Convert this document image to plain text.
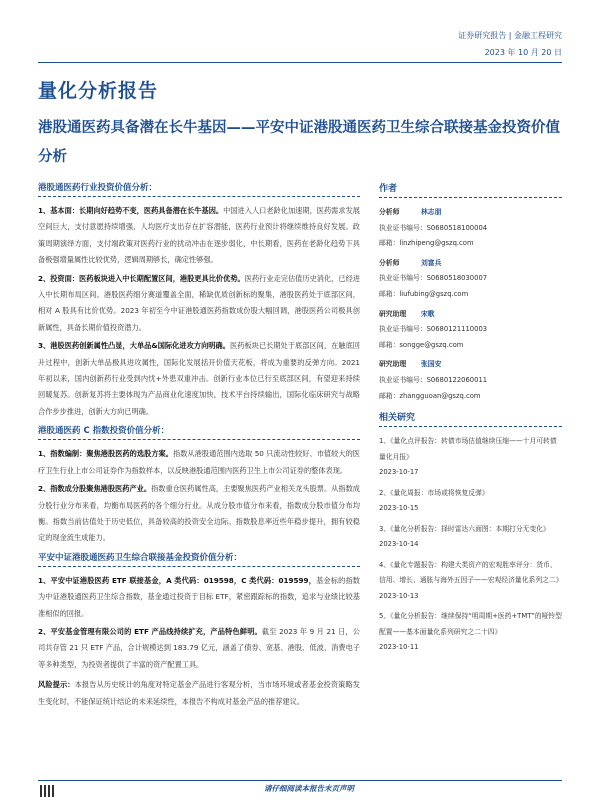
证券研究报告 | 金融工程研究
2023 年 10 月 20 日
量化分析报告
港股通医药具备潜在长牛基因——平安中证港股通医药卫生综合联接基金投资价值分析
港股通医药行业投资价值分析：
1、基本面：长期向好趋势不变，医药具备潜在长牛基因。中国进入人口老龄化加速期，医药需求发展空间巨大，支付意愿持续增强，人均医疗支出存在扩容潜能，医药行业预计将继续维持良好发展。政策周期演绎方面，支付端政策对医药行业的扰动冲击在逐步弱化，中长期看，医药在老龄化趋势下具备极强增量属性比较优势，逻辑周期够长，确定性够强。
2、投资面：医药板块进入中长期配置区间，港股更具比价优势。医药行业走完估值历史消化，已经进入中长期布局区间。港股医药细分赛道覆盖全面，稀缺优质创新标的聚集，港股医药处于底部区间，相对 A 股具有比价优势。2023 年初至今中证港股通医药指数成份股大幅回调，港股医药公司极具创新属性，具备长期价值投资潜力。
3、港股医药创新属性凸显，大单品&国际化进攻方向明确。医药板块已长期处于底部区间，在触底回升过程中，创新大单品极具进攻属性，国际化发展括开价值天花板，将成为重要的反弹方向。2021 年初以来，国内创新药行业受到内忧+外患双重冲击。创新行业本位已行至底部区间，有望迎来持续回暖复苏。创新复苏将主要体现为产品商业化速度加快，技术平台持续输出，国际化临床研究与战略合作步步推进，创新大方向已明确。
港股通医药 C 指数投资价值分析：
1、指数编制：聚焦港股医药的选股方案。指数从港股通范围内选取 50 只流动性较好、市值较大的医疗卫生行业上市公司证券作为指数样本，以反映港股通范围内医药卫生上市公司证券的整体表现。
2、指数成分股聚焦港股医药产业。指数重仓医药属性高，主要聚焦医药产业相关龙头股票。从指数成分股行业分布来看，均衡布局医药的各个细分行业。从成分股市值分布来看，指数成分股市值分布均衡。指数当前估值处于历史低位，具备较高的投资安全边际。指数股息率近些年稳步提升，拥有较稳定的现金流生成能力。
平安中证港股通医药卫生综合联接基金投资价值分析：
1、平安中证港股医药 ETF 联接基金，A 类代码：019598，C 类代码：019599，基金标的指数为中证港股通医药卫生综合指数，基金通过投资于目标 ETF，紧密跟踪标的指数，追求与业绩比较基准相似的回报。
2、平安基金管理有限公司的 ETF 产品线持续扩充，产品特色鲜明。截至 2023 年 9 月 21 日，公司共存管 21 只 ETF 产品，合计规模达到 183.79 亿元，涵盖了债券、宽基、港股、低波、消费电子等多种类型，为投资者提供了丰富的资产配置工具。
风险提示：本报告从历史统计的角度对特定基金产品进行客观分析，当市场环境或者基金投资策略发生变化时，不能保证统计结论的未来延续性，本报告不构成对基金产品的推荐建议。
作者
分析师	林志朋
执业证书编号：S0680518100004
邮箱：linzhipeng@gszq.com
分析师	刘富兵
执业证书编号：S0680518030007
邮箱：liufubing@gszq.com
研究助理 宋歌
执业证书编号：S0680121110003
邮箱：songge@gszq.com
研究助理 张国安
执业证书编号：S0680122060011
邮箱：zhangguoan@gszq.com
相关研究
1、《量化点评报告：转债市场估值继续压缩——十月可转债量化月报》
2023-10-17
2、《量化周报：市场或将恢复反弹》
2023-10-15
3、《量化分析报告：择时雷达六面图：本期打分无变化》
2023-10-14
4、《量化专题报告：构建大类资产的宏观胜率评分：货币、信用、增长、通胀与海外五因子——宏观经济量化系列之二》
2023-10-13
5、《量化分析报告：继续保持“明周期+医药+TMT”的哑铃型配置——基本面量化系列研究之二十四》
2023-10-11
请仔细阅读本报告末页声明
